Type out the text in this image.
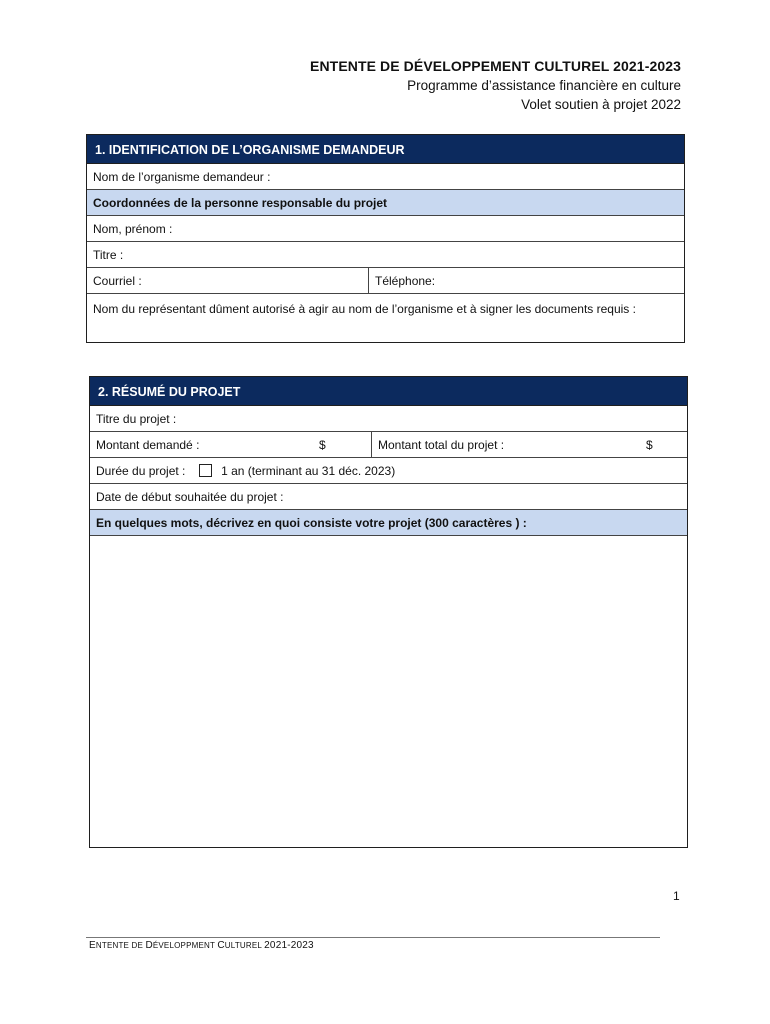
ENTENTE DE DÉVELOPPEMENT CULTUREL 2021-2023
Programme d’assistance financière en culture
Volet soutien à projet 2022
1. IDENTIFICATION DE L’ORGANISME DEMANDEUR
Nom de l’organisme demandeur :
Coordonnées de la personne responsable du projet
Nom, prénom :
Titre :
Courriel :	Téléphone:
Nom du représentant dûment autorisé à agir au nom de l’organisme et à signer les documents requis :
2. RÉSUMÉ DU PROJET
Titre du projet :
Montant demandé :	$	Montant total du projet :	$
Durée du projet :	1 an (terminant au 31 déc. 2023)
Date de début souhaitée du projet :
En quelques mots, décrivez en quoi consiste votre projet (300 caractères ) :
1
ENTENTE DE DÉVELOPPMENT CULTUREL 2021-2023
